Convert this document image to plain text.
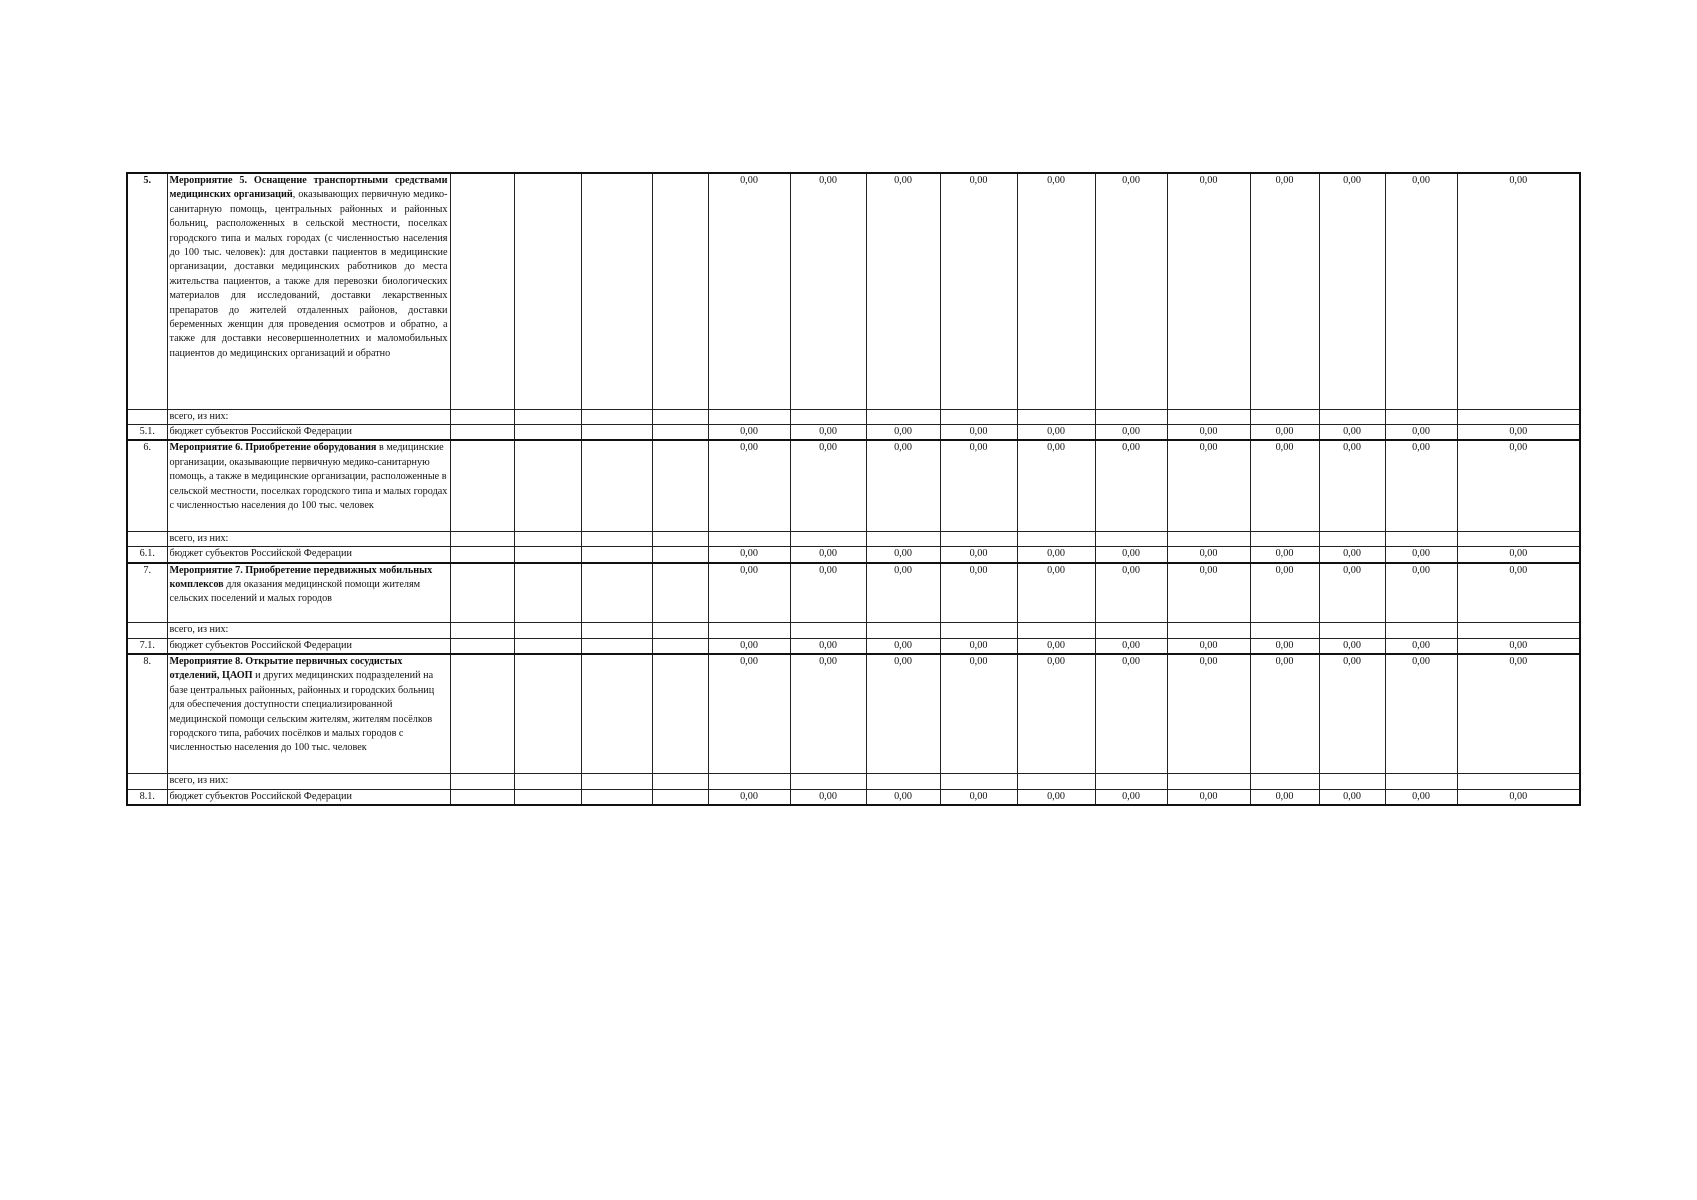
5.	Мероприятие 5. Оснащение транспортными средствами медицинских организаций, оказывающих первичную медико-санитарную помощь, центральных районных и районных больниц, расположенных в сельской местности, поселках городского типа и малых городах (с численностью населения до 100 тыс. человек): для доставки пациентов в медицинские организации, доставки медицинских работников до места жительства пациентов, а также для перевозки биологических материалов для исследований, доставки лекарственных препаратов до жителей отдаленных районов, доставки беременных женщин для проведения осмотров и обратно, а также для доставки несовершеннолетних и маломобильных пациентов до медицинских организаций и обратно					0,00	0,00	0,00	0,00	0,00	0,00	0,00	0,00	0,00	0,00	0,00
	всего, из них:															
5.1.	бюджет субъектов Российской Федерации					0,00	0,00	0,00	0,00	0,00	0,00	0,00	0,00	0,00	0,00	0,00
6.	Мероприятие 6. Приобретение оборудования в медицинские организации, оказывающие первичную медико-санитарную помощь, а также в медицинские организации, расположенные в сельской местности, поселках городского типа и малых городах с численностью населения до 100 тыс. человек					0,00	0,00	0,00	0,00	0,00	0,00	0,00	0,00	0,00	0,00	0,00
	всего, из них:															
6.1.	бюджет субъектов Российской Федерации					0,00	0,00	0,00	0,00	0,00	0,00	0,00	0,00	0,00	0,00	0,00
7.	Мероприятие 7. Приобретение передвижных мобильных комплексов для оказания медицинской помощи жителям сельских поселений и малых городов					0,00	0,00	0,00	0,00	0,00	0,00	0,00	0,00	0,00	0,00	0,00
	всего, из них:															
7.1.	бюджет субъектов Российской Федерации					0,00	0,00	0,00	0,00	0,00	0,00	0,00	0,00	0,00	0,00	0,00
8.	Мероприятие 8. Открытие первичных сосудистых отделений, ЦАОП и других медицинских подразделений на базе центральных районных, районных и городских больниц для обеспечения доступности специализированной медицинской помощи сельским жителям, жителям посёлков городского типа, рабочих посёлков и малых городов с численностью населения до 100 тыс. человек					0,00	0,00	0,00	0,00	0,00	0,00	0,00	0,00	0,00	0,00	0,00
	всего, из них:															
8.1.	бюджет субъектов Российской Федерации					0,00	0,00	0,00	0,00	0,00	0,00	0,00	0,00	0,00	0,00	0,00
